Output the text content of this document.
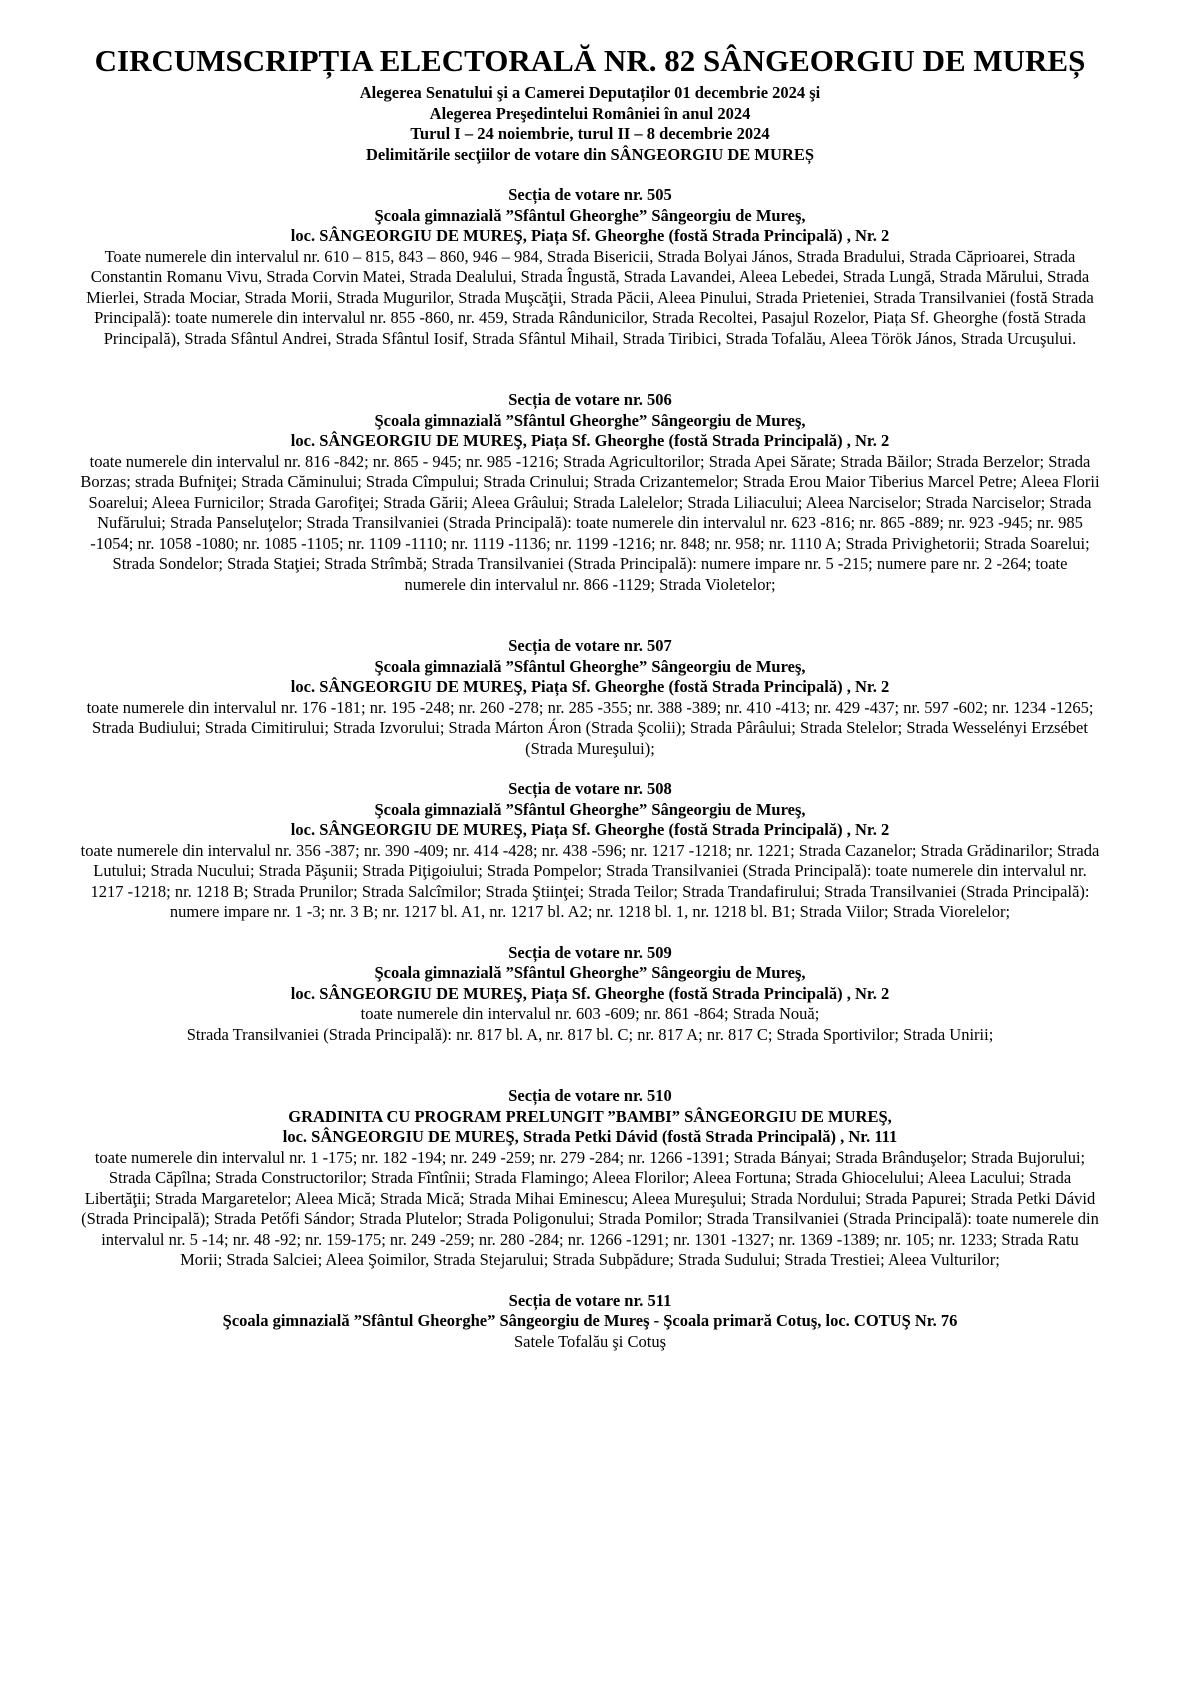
CIRCUMSCRIPȚIA ELECTORALĂ NR. 82 SÂNGEORGIU DE MUREȘ

Alegerea Senatului şi a Camerei Deputaților 01 decembrie 2024 şi

Alegerea Preşedintelui României în anul 2024

Turul I – 24 noiembrie, turul II – 8 decembrie 2024

Delimitările secţiilor de votare din SÂNGEORGIU DE MUREȘ

Secția de votare nr. 505

Şcoala gimnazială ”Sfântul Gheorghe” Sângeorgiu de Mureş,

loc. SÂNGEORGIU DE MUREŞ, Piața Sf. Gheorghe (fostă Strada Principală) , Nr. 2

Toate numerele din intervalul nr. 610 – 815, 843 – 860, 946 – 984, Strada Bisericii, Strada Bolyai János, Strada Bradului, Strada Căprioarei, Strada Constantin Romanu Vivu, Strada Corvin Matei, Strada Dealului, Strada Îngustă, Strada Lavandei, Aleea Lebedei, Strada Lungă, Strada Mărului, Strada Mierlei, Strada Mociar, Strada Morii, Strada Mugurilor, Strada Muşcăţii, Strada Păcii, Aleea Pinului, Strada Prieteniei, Strada Transilvaniei (fostă Strada Principală): toate numerele din intervalul nr. 855 -860, nr. 459, Strada Rândunicilor, Strada Recoltei, Pasajul Rozelor, Piața Sf. Gheorghe (fostă Strada Principală), Strada Sfântul Andrei, Strada Sfântul Iosif, Strada Sfântul Mihail, Strada Tiribici, Strada Tofalău, Aleea Török János, Strada Urcuşului.

Secția de votare nr. 506

Şcoala gimnazială ”Sfântul Gheorghe” Sângeorgiu de Mureş,

loc. SÂNGEORGIU DE MUREŞ, Piața Sf. Gheorghe (fostă Strada Principală) , Nr. 2

toate numerele din intervalul nr. 816 -842; nr. 865 - 945; nr. 985 -1216; Strada Agricultorilor; Strada Apei Sărate; Strada Băilor; Strada Berzelor; Strada Borzas; strada Bufniţei; Strada Căminului; Strada Cîmpului; Strada Crinului; Strada Crizantemelor; Strada Erou Maior Tiberius Marcel Petre; Aleea Florii Soarelui; Aleea Furnicilor; Strada Garofiţei; Strada Gării; Aleea Grâului; Strada Lalelelor; Strada Liliacului; Aleea Narciselor; Strada Narciselor; Strada Nufărului; Strada Panseluţelor; Strada Transilvaniei (Strada Principală): toate numerele din intervalul nr. 623 -816; nr. 865 -889; nr. 923 -945; nr. 985 -1054; nr. 1058 -1080; nr. 1085 -1105; nr. 1109 -1110; nr. 1119 -1136; nr. 1199 -1216; nr. 848; nr. 958; nr. 1110 A; Strada Privighetorii; Strada Soarelui; Strada Sondelor; Strada Staţiei; Strada Strîmbă; Strada Transilvaniei (Strada Principală): numere impare nr. 5 -215; numere pare nr. 2 -264; toate numerele din intervalul nr. 866 -1129; Strada Violetelor;

Secția de votare nr. 507

Şcoala gimnazială ”Sfântul Gheorghe” Sângeorgiu de Mureş,

loc. SÂNGEORGIU DE MUREŞ, Piața Sf. Gheorghe (fostă Strada Principală) , Nr. 2

toate numerele din intervalul nr. 176 -181; nr. 195 -248; nr. 260 -278; nr. 285 -355; nr. 388 -389; nr. 410 -413; nr. 429 -437; nr. 597 -602; nr. 1234 -1265; Strada Budiului; Strada Cimitirului; Strada Izvorului; Strada Márton Áron (Strada Şcolii); Strada Pârâului; Strada Stelelor; Strada Wesselényi Erzsébet (Strada Mureşului);

Secția de votare nr. 508

Şcoala gimnazială ”Sfântul Gheorghe” Sângeorgiu de Mureş,

loc. SÂNGEORGIU DE MUREŞ, Piața Sf. Gheorghe (fostă Strada Principală) , Nr. 2

toate numerele din intervalul nr. 356 -387; nr. 390 -409; nr. 414 -428; nr. 438 -596; nr. 1217 -1218; nr. 1221; Strada Cazanelor; Strada Grădinarilor; Strada Lutului; Strada Nucului; Strada Păşunii; Strada Piţigoiului; Strada Pompelor; Strada Transilvaniei (Strada Principală): toate numerele din intervalul nr. 1217 -1218; nr. 1218 B; Strada Prunilor; Strada Salcîmilor; Strada Ştiinţei; Strada Teilor; Strada Trandafirului; Strada Transilvaniei (Strada Principală): numere impare nr. 1 -3; nr. 3 B; nr. 1217 bl. A1, nr. 1217 bl. A2; nr. 1218 bl. 1, nr. 1218 bl. B1; Strada Viilor; Strada Viorelelor;

Secția de votare nr. 509

Şcoala gimnazială ”Sfântul Gheorghe” Sângeorgiu de Mureş,

loc. SÂNGEORGIU DE MUREŞ, Piața Sf. Gheorghe (fostă Strada Principală) , Nr. 2

toate numerele din intervalul nr. 603 -609; nr. 861 -864; Strada Nouă;

Strada Transilvaniei (Strada Principală): nr. 817 bl. A, nr. 817 bl. C; nr. 817 A; nr. 817 C; Strada Sportivilor; Strada Unirii;

Secția de votare nr. 510

GRADINITA CU PROGRAM PRELUNGIT ”BAMBI” SÂNGEORGIU DE MUREŞ,

loc. SÂNGEORGIU DE MUREŞ, Strada Petki Dávid (fostă Strada Principală) , Nr. 111

toate numerele din intervalul nr. 1 -175; nr. 182 -194; nr. 249 -259; nr. 279 -284; nr. 1266 -1391; Strada Bányai; Strada Brânduşelor; Strada Bujorului; Strada Căpîlna; Strada Constructorilor; Strada Fîntînii; Strada Flamingo; Aleea Florilor; Aleea Fortuna; Strada Ghiocelului; Aleea Lacului; Strada Libertăţii; Strada Margaretelor; Aleea Mică; Strada Mică; Strada Mihai Eminescu; Aleea Mureşului; Strada Nordului; Strada Papurei; Strada Petki Dávid (Strada Principală); Strada Petőfi Sándor; Strada Plutelor; Strada Poligonului; Strada Pomilor; Strada Transilvaniei (Strada Principală): toate numerele din intervalul nr. 5 -14; nr. 48 -92; nr. 159-175; nr. 249 -259; nr. 280 -284; nr. 1266 -1291; nr. 1301 -1327; nr. 1369 -1389; nr. 105; nr. 1233; Strada Ratu Morii; Strada Salciei; Aleea Şoimilor, Strada Stejarului; Strada Subpădure; Strada Sudului; Strada Trestiei; Aleea Vulturilor;

Secția de votare nr. 511

Şcoala gimnazială ”Sfântul Gheorghe” Sângeorgiu de Mureş - Şcoala primară Cotuş, loc. COTUŞ Nr. 76

Satele Tofalău şi Cotuş
